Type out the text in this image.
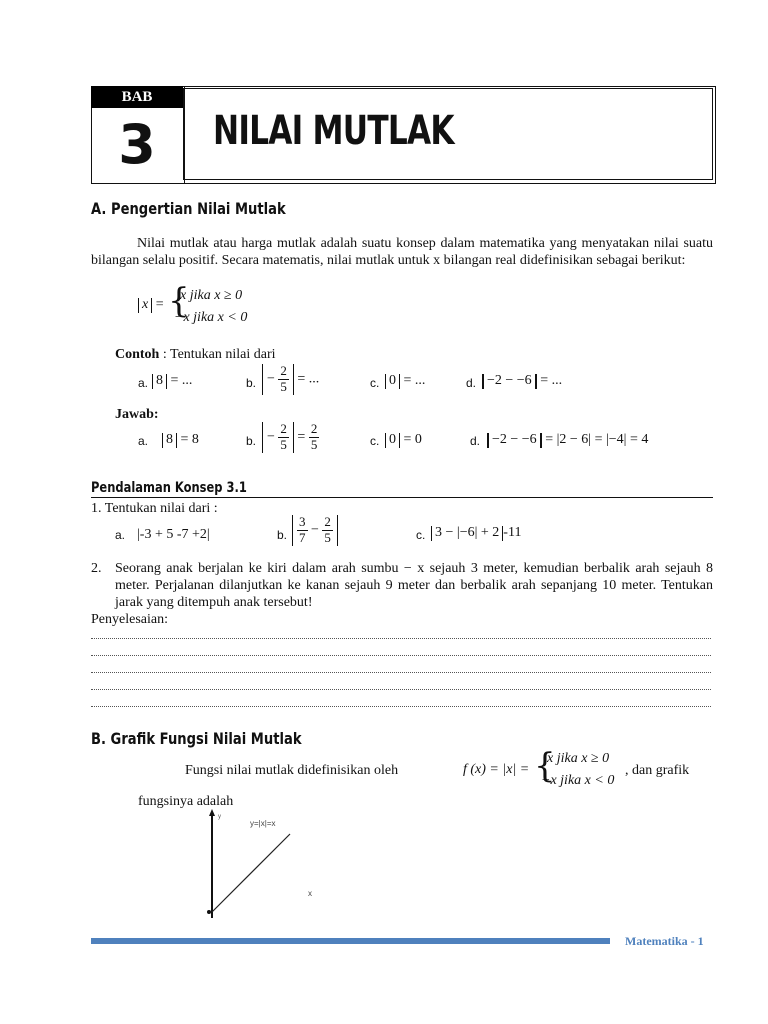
BAB
3	NILAI MUTLAK
A. Pengertian Nilai Mutlak
Nilai mutlak atau harga mutlak adalah suatu konsep dalam matematika yang menyatakan nilai suatu bilangan selalu positif. Secara matematis, nilai mutlak untuk x bilangan real didefinisikan sebagai berikut:
x = {
x jika x ≥ 0
−x jika x < 0
Contoh : Tentukan nilai dari
a. 8 = ...	b. − $\frac{2}{5}$ = ...	c. 0 = ...	d. −2 − −6 = ...
Jawab:
a. 8 = 8	b. − $\frac{2}{5} = \frac{2}{5}$	c. 0 = 0	d. −2 − −6 = |2 − 6| = |−4| = 4
Pendalaman Konsep 3.1
1. Tentukan nilai dari :
a. |-3 + 5 -7 +2|	b. $\frac{3}{7} - \frac{2}{5}$	c. 3 − |−6| + 2 -11
2. Seorang anak berjalan ke kiri dalam arah sumbu − x sejauh 3 meter, kemudian berbalik arah sejauh 8 meter. Perjalanan dilanjutkan ke kanan sejauh 9 meter dan berbalik arah sepanjang 10 meter. Tentukan jarak yang ditempuh anak tersebut!
Penyelesaian:
B. Grafik Fungsi Nilai Mutlak
Fungsi nilai mutlak didefinisikan oleh	f (x) = |x| = {
x jika x ≥ 0
−x jika x < 0
, dan grafik
fungsinya adalah
y
y=|x|=x
x
Matematika - 1
